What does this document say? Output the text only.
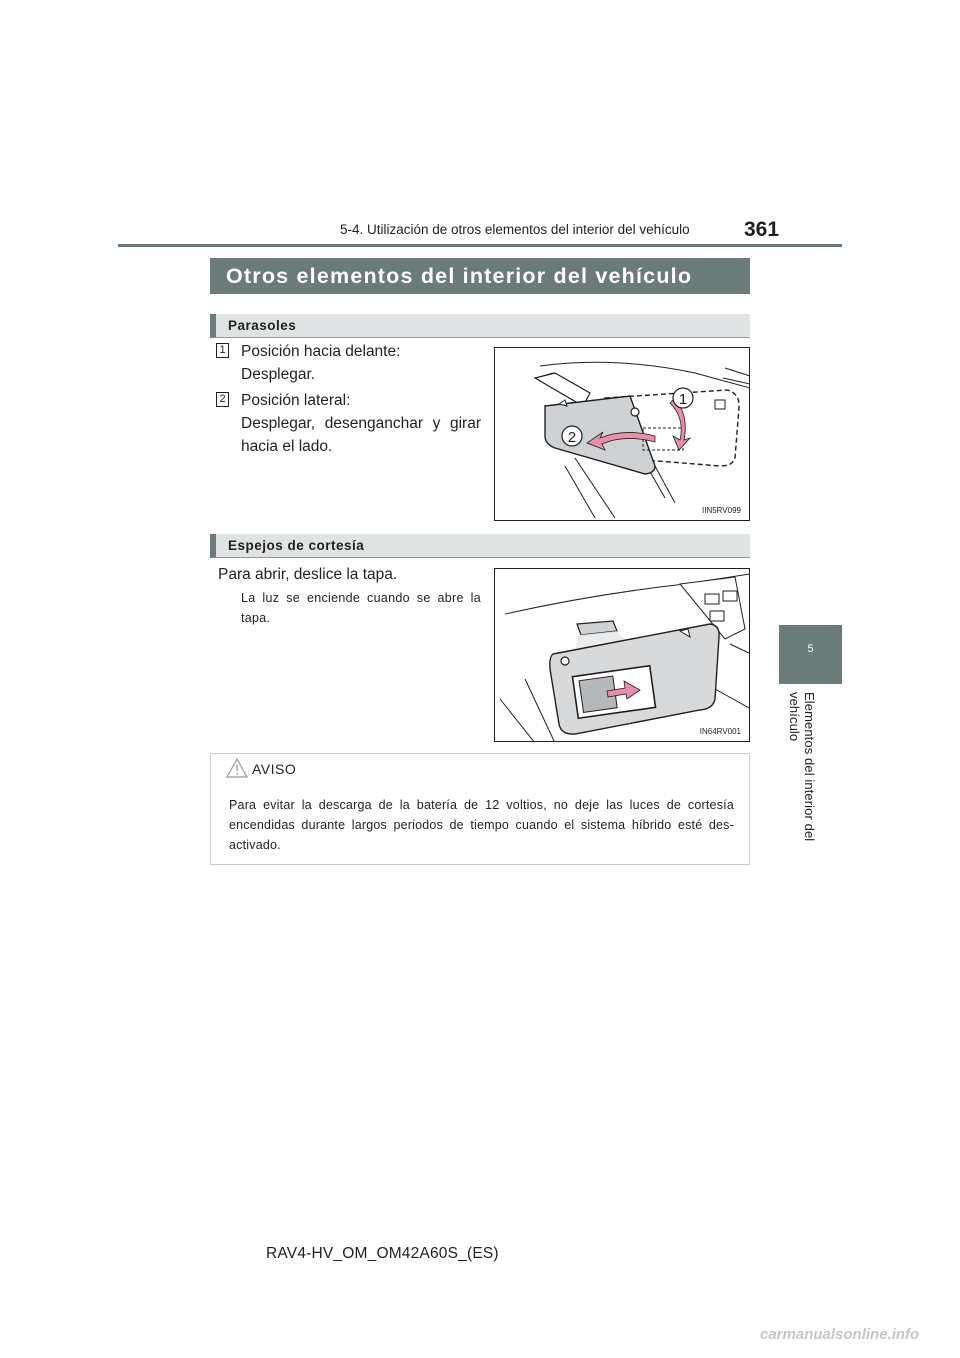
5-4. Utilización de otros elementos del interior del vehículo	361
5
Elementos del interior del vehículo
Otros elementos del interior del vehículo
Parasoles
1 Posición hacia delante:
Desplegar.
2 Posición lateral:
Desplegar, desenganchar y girar
hacia el lado.
1
2
IIN5RV099
Espejos de cortesía
Para abrir, deslice la tapa.
La luz se enciende cuando se abre la
tapa.
IN64RV001
AVISO
Para evitar la descarga de la batería de 12 voltios, no deje las luces de cortesía encendidas durante largos periodos de tiempo cuando el sistema híbrido esté des-activado.
RAV4-HV_OM_OM42A60S_(ES)
carmanualsonline.info
